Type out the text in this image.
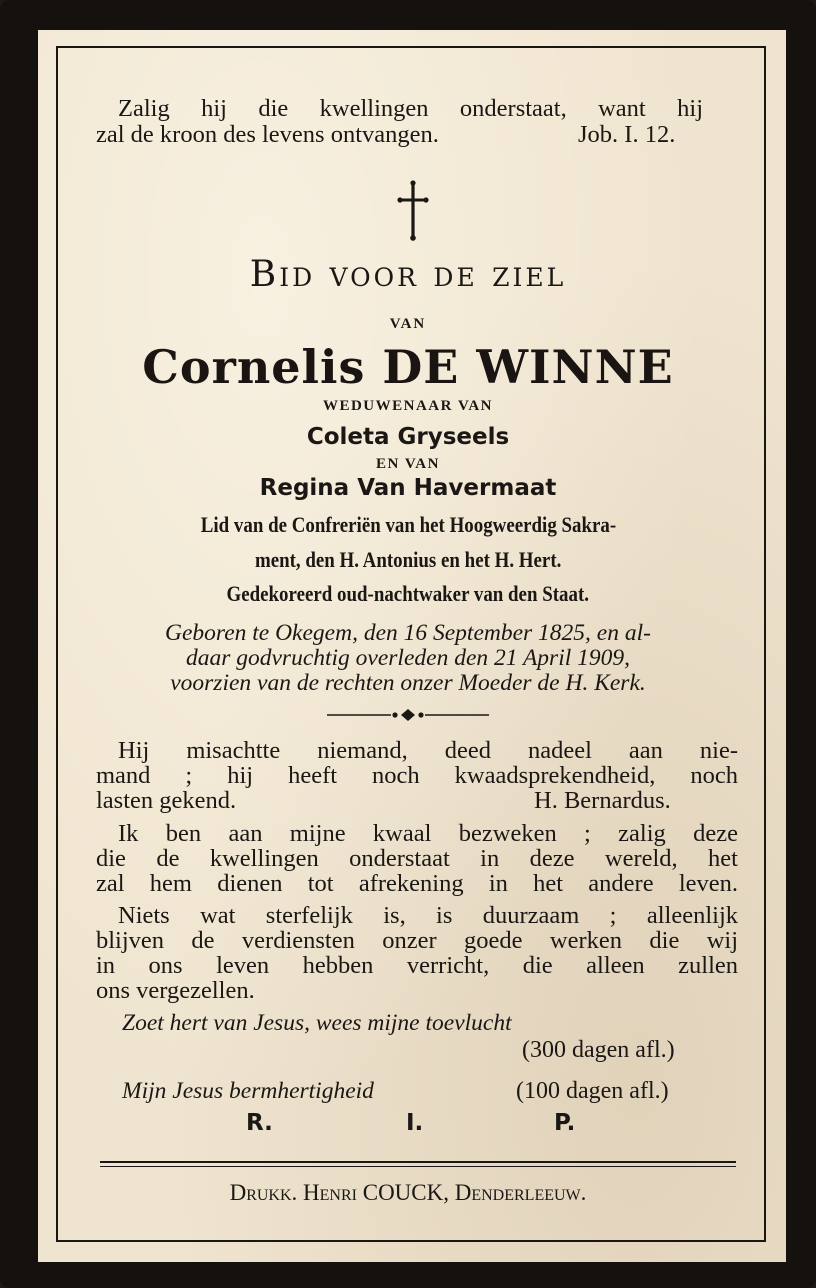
Zalig hij die kwellingen onderstaat, want hij
zal de kroon des levens ontvangen.	Job. I. 12.
Bid voor de ziel
VAN
Cornelis DE WINNE
WEDUWENAAR VAN
Coleta Gryseels
EN VAN
Regina Van Havermaat
Lid van de Confreriën van het Hoogweerdig Sakra-
ment, den H. Antonius en het H. Hert.
Gedekoreerd oud-nachtwaker van den Staat.
Geboren te Okegem, den 16 September 1825, en al-
daar godvruchtig overleden den 21 April 1909,
voorzien van de rechten onzer Moeder de H. Kerk.
Hij misachtte niemand, deed nadeel aan nie-
mand ; hij heeft noch kwaadsprekendheid, noch
lasten gekend.	H. Bernardus.
Ik ben aan mijne kwaal bezweken ; zalig deze
die de kwellingen onderstaat in deze wereld, het
zal hem dienen tot afrekening in het andere leven.
Niets wat sterfelijk is, is duurzaam ; alleenlijk
blijven de verdiensten onzer goede werken die wij
in ons leven hebben verricht, die alleen zullen
ons vergezellen.
Zoet hert van Jesus, wees mijne toevlucht
(300 dagen afl.)
Mijn Jesus bermhertigheid	(100 dagen afl.)
R.	I.	P.
Drukk. Henri COUCK, Denderleeuw.
